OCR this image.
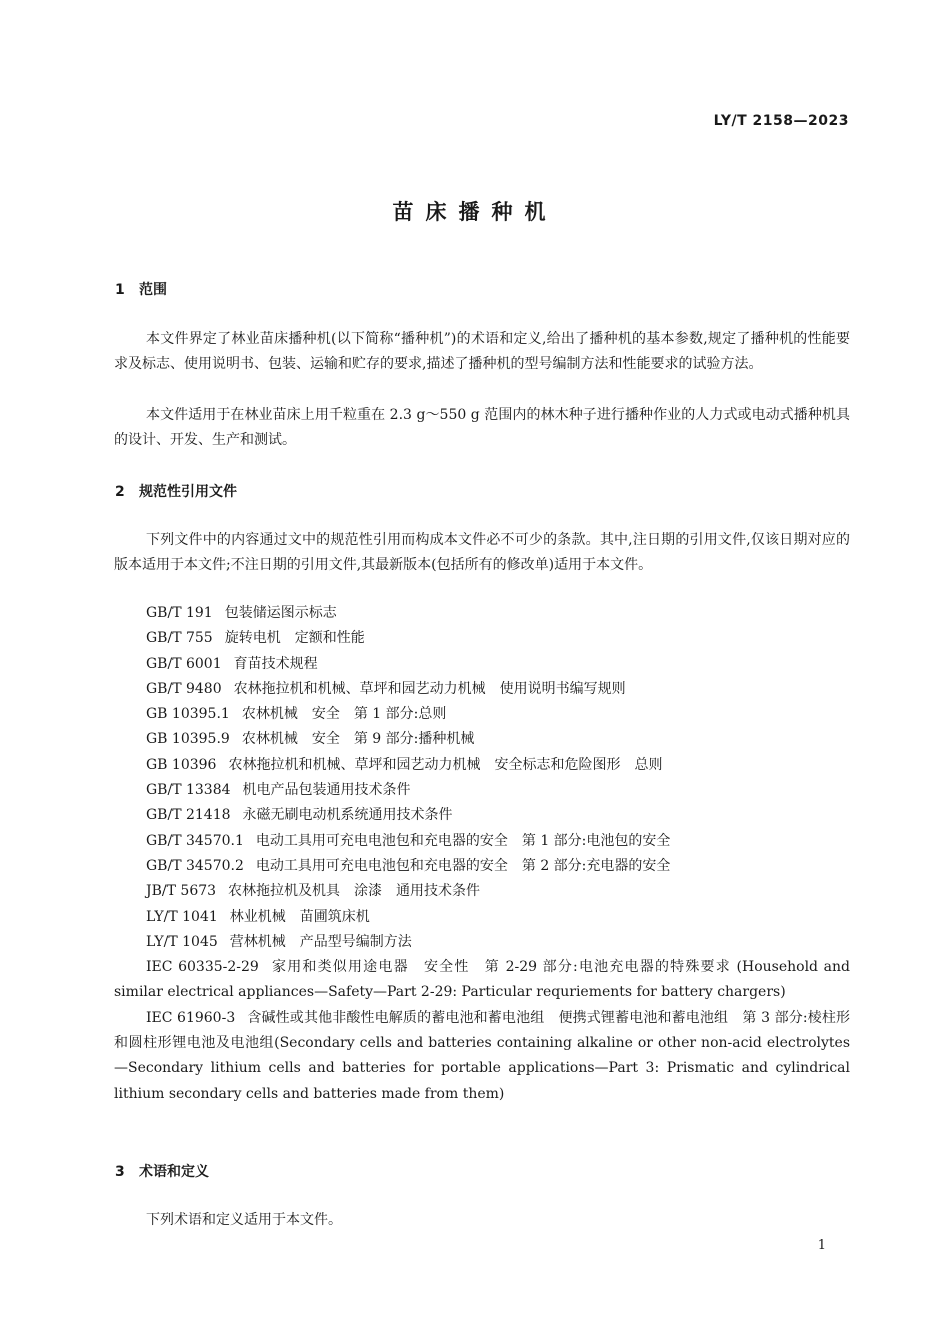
LY/T 2158—2023
苗床播种机
1 范围

本文件界定了林业苗床播种机(以下简称“播种机”)的术语和定义,给出了播种机的基本参数,规定了播种机的性能要求及标志、使用说明书、包装、运输和贮存的要求,描述了播种机的型号编制方法和性能要求的试验方法。

本文件适用于在林业苗床上用千粒重在 2.3 g～550 g 范围内的林木种子进行播种作业的人力式或电动式播种机具的设计、开发、生产和测试。

2 规范性引用文件

下列文件中的内容通过文中的规范性引用而构成本文件必不可少的条款。其中,注日期的引用文件,仅该日期对应的版本适用于本文件;不注日期的引用文件,其最新版本(包括所有的修改单)适用于本文件。

GB/T 191 包装储运图示标志
GB/T 755 旋转电机　定额和性能
GB/T 6001 育苗技术规程
GB/T 9480 农林拖拉机和机械、草坪和园艺动力机械　使用说明书编写规则
GB 10395.1 农林机械　安全　第 1 部分:总则
GB 10395.9 农林机械　安全　第 9 部分:播种机械
GB 10396 农林拖拉机和机械、草坪和园艺动力机械　安全标志和危险图形　总则
GB/T 13384 机电产品包装通用技术条件
GB/T 21418 永磁无刷电动机系统通用技术条件
GB/T 34570.1 电动工具用可充电电池包和充电器的安全　第 1 部分:电池包的安全
GB/T 34570.2 电动工具用可充电电池包和充电器的安全　第 2 部分:充电器的安全
JB/T 5673 农林拖拉机及机具　涂漆　通用技术条件
LY/T 1041 林业机械　苗圃筑床机
LY/T 1045 营林机械　产品型号编制方法
IEC 60335-2-29 家用和类似用途电器　安全性　第 2-29 部分:电池充电器的特殊要求 (Household and similar electrical appliances—Safety—Part 2-29: Particular requriements for battery chargers)
IEC 61960-3 含碱性或其他非酸性电解质的蓄电池和蓄电池组　便携式锂蓄电池和蓄电池组　第 3 部分:棱柱形和圆柱形锂电池及电池组(Secondary cells and batteries containing alkaline or other non-acid electrolytes—Secondary lithium cells and batteries for portable applications—Part 3: Prismatic and cylindrical lithium secondary cells and batteries made from them)
3 术语和定义

下列术语和定义适用于本文件。

1
